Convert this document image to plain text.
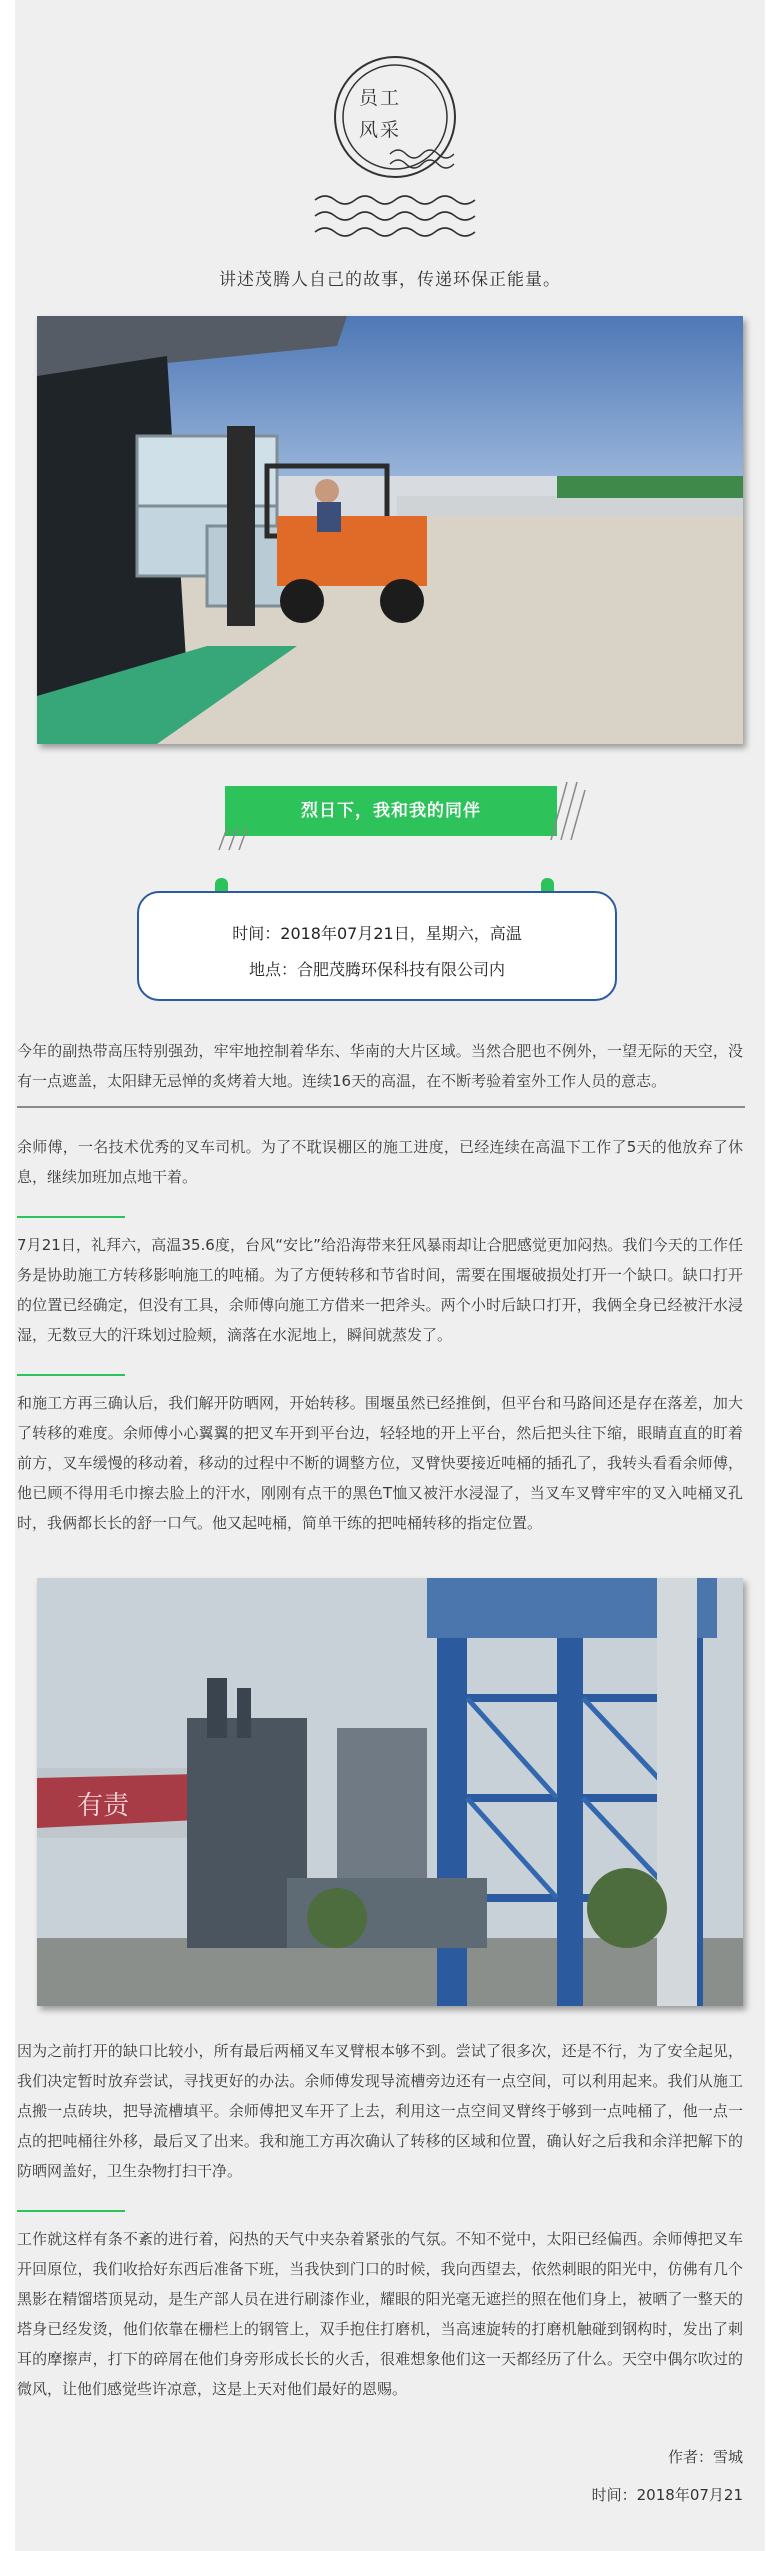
员工
风采
讲述茂腾人自己的故事，传递环保正能量。
烈日下，我和我的同伴
时间：2018年07月21日，星期六，高温
地点：合肥茂腾环保科技有限公司内
今年的副热带高压特别强劲，牢牢地控制着华东、华南的大片区域。当然合肥也不例外，一望无际的天空，没有一点遮盖，太阳肆无忌惮的炙烤着大地。连续16天的高温，在不断考验着室外工作人员的意志。
余师傅，一名技术优秀的叉车司机。为了不耽误棚区的施工进度，已经连续在高温下工作了5天的他放弃了休息，继续加班加点地干着。
7月21日，礼拜六，高温35.6度，台风“安比”给沿海带来狂风暴雨却让合肥感觉更加闷热。我们今天的工作任务是协助施工方转移影响施工的吨桶。为了方便转移和节省时间，需要在围堰破损处打开一个缺口。缺口打开的位置已经确定，但没有工具，余师傅向施工方借来一把斧头。两个小时后缺口打开，我俩全身已经被汗水浸湿，无数豆大的汗珠划过脸颊，滴落在水泥地上，瞬间就蒸发了。
和施工方再三确认后，我们解开防晒网，开始转移。围堰虽然已经推倒，但平台和马路间还是存在落差，加大了转移的难度。余师傅小心翼翼的把叉车开到平台边，轻轻地的开上平台，然后把头往下缩，眼睛直直的盯着前方，叉车缓慢的移动着，移动的过程中不断的调整方位，叉臂快要接近吨桶的插孔了，我转头看看余师傅，他已顾不得用毛巾擦去脸上的汗水，刚刚有点干的黑色T恤又被汗水浸湿了，当叉车叉臂牢牢的叉入吨桶叉孔时，我俩都长长的舒一口气。他又起吨桶，简单干练的把吨桶转移的指定位置。
有责
因为之前打开的缺口比较小，所有最后两桶叉车叉臂根本够不到。尝试了很多次，还是不行，为了安全起见，我们决定暂时放弃尝试，寻找更好的办法。余师傅发现导流槽旁边还有一点空间，可以利用起来。我们从施工点搬一点砖块，把导流槽填平。余师傅把叉车开了上去，利用这一点空间叉臂终于够到一点吨桶了，他一点一点的把吨桶往外移，最后叉了出来。我和施工方再次确认了转移的区域和位置，确认好之后我和余洋把解下的防晒网盖好，卫生杂物打扫干净。
工作就这样有条不紊的进行着，闷热的天气中夹杂着紧张的气氛。不知不觉中，太阳已经偏西。余师傅把叉车开回原位，我们收拾好东西后准备下班，当我快到门口的时候，我向西望去，依然刺眼的阳光中，仿佛有几个黑影在精馏塔顶晃动，是生产部人员在进行刷漆作业，耀眼的阳光毫无遮拦的照在他们身上，被晒了一整天的塔身已经发烫，他们依靠在栅栏上的钢管上，双手抱住打磨机，当高速旋转的打磨机触碰到钢构时，发出了刺耳的摩擦声，打下的碎屑在他们身旁形成长长的火舌，很难想象他们这一天都经历了什么。天空中偶尔吹过的微风，让他们感觉些许凉意，这是上天对他们最好的恩赐。
作者：雪城
时间：2018年07月21
